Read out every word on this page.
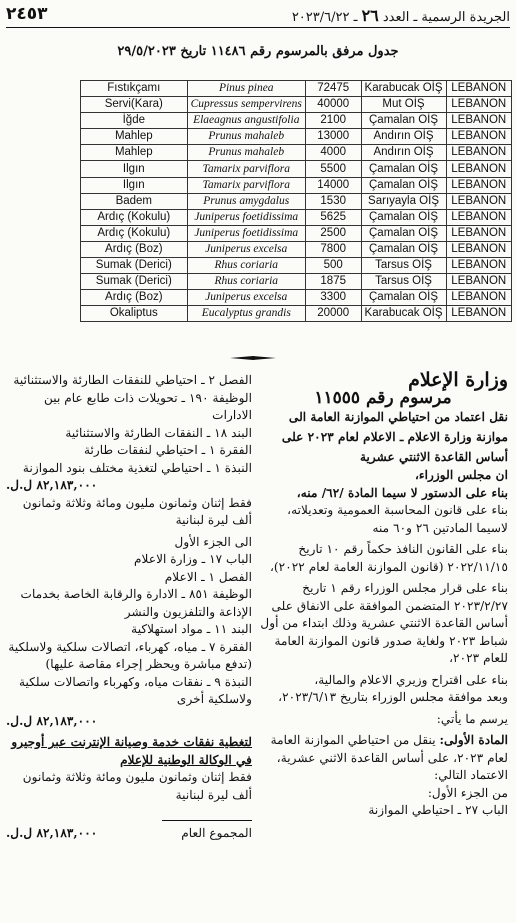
٢٤٥٣	الجريدة الرسمية ـ العدد ٢٦ ـ ٢٠٢٣/٦/٢٢
جدول مرفق بالمرسوم رقم ١١٤٨٦ تاريخ ٢٩/٥/٢٠٢٣
Fıstıkçamı	Pinus pinea	72475	Karabucak OİŞ	LEBANON
Servi(Kara)	Cupressus sempervirens	40000	Mut OİŞ	LEBANON
İğde	Elaeagnus angustifolia	2100	Çamalan OİŞ	LEBANON
Mahlep	Prunus mahaleb	13000	Andırın OİŞ	LEBANON
Mahlep	Prunus mahaleb	4000	Andırın OİŞ	LEBANON
Ilgın	Tamarix parviflora	5500	Çamalan OİŞ	LEBANON
Ilgın	Tamarix parviflora	14000	Çamalan OİŞ	LEBANON
Badem	Prunus amygdalus	1530	Sarıyayla OİŞ	LEBANON
Ardıç (Kokulu)	Juniperus foetidissima	5625	Çamalan OİŞ	LEBANON
Ardıç (Kokulu)	Juniperus foetidissima	2500	Çamalan OİŞ	LEBANON
Ardıç (Boz)	Juniperus excelsa	7800	Çamalan OİŞ	LEBANON
Sumak (Derici)	Rhus coriaria	500	Tarsus OİŞ	LEBANON
Sumak (Derici)	Rhus coriaria	1875	Tarsus OİŞ	LEBANON
Ardıç (Boz)	Juniperus excelsa	3300	Çamalan OİŞ	LEBANON
Okaliptus	Eucalyptus grandis	20000	Karabucak OİŞ	LEBANON

وزارة الإعلام

مرسوم رقم ١١٥٥٥

نقل اعتماد من احتياطي الموازنة العامة الى موازنة وزارة الاعلام ـ الاعلام لعام ٢٠٢٣ على أساس القاعدة الاثنتي عشرية

ان مجلس الوزراء،

بناء على الدستور لا سيما المادة /٦٢/ منه،

بناء على قانون المحاسبة العمومية وتعديلاته، لاسيما المادتين ٢٦ و٦٠ منه

بناء على القانون النافذ حكماً رقم ١٠ تاريخ ٢٠٢٢/١١/١٥ (قانون الموازنة العامة لعام ٢٠٢٢)،

بناء على قرار مجلس الوزراء رقم ١ تاريخ ٢٠٢٣/٢/٢٧ المتضمن الموافقة على الانفاق على أساس القاعدة الاثنتي عشرية وذلك ابتداء من أول شباط ٢٠٢٣ ولغاية صدور قانون الموازنة العامة للعام ٢٠٢٣،

بناء على اقتراح وزيري الاعلام والمالية،

وبعد موافقة مجلس الوزراء بتاريخ ٢٠٢٣/٦/١٣،

يرسم ما يأتي:

المادة الأولى: ينقل من احتياطي الموازنة العامة لعام ٢٠٢٣، على أساس القاعدة الاثني عشرية، الاعتماد التالي:

من الجزء الأول:

الباب ٢٧ ـ احتياطي الموازنة

الفصل ٢ ـ احتياطي للنفقات الطارئة والاستثنائية

الوظيفة ١٩٠ ـ تحويلات ذات طابع عام بين الادارات

البند ١٨ ـ النفقات الطارئة والاستثنائية

الفقرة ١ ـ احتياطي لنفقات طارئة

النبذة ١ ـ احتياطي لتغذية مختلف بنود الموازنة

٨٢,١٨٣,٠٠٠ ل.ل.

فقط إثنان وثمانون مليون ومائة وثلاثة وثمانون ألف ليرة لبنانية

الى الجزء الأول

الباب ١٧ ـ وزارة الاعلام

الفصل ١ ـ الاعلام

الوظيفة ٨٥١ ـ الادارة والرقابة الخاصة بخدمات الإذاعة والتلفزيون والنشر

البند ١١ ـ مواد استهلاكية

الفقرة ٧ ـ مياه، كهرباء، اتصالات سلكية ولاسلكية (تدفع مباشرة ويحظر إجراء مقاصة عليها)

النبذة ٩ ـ نفقات مياه، وكهرباء واتصالات سلكية ولاسلكية أخرى

٨٢,١٨٣,٠٠٠ ل.ل.

لتغطية نفقات خدمة وصيانة الإنترنت عبر أوجيرو في الوكالة الوطنية للإعلام

فقط إثنان وثمانون مليون ومائة وثلاثة وثمانون ألف ليرة لبنانية

المجموع العام
٨٢,١٨٣,٠٠٠ ل.ل.
